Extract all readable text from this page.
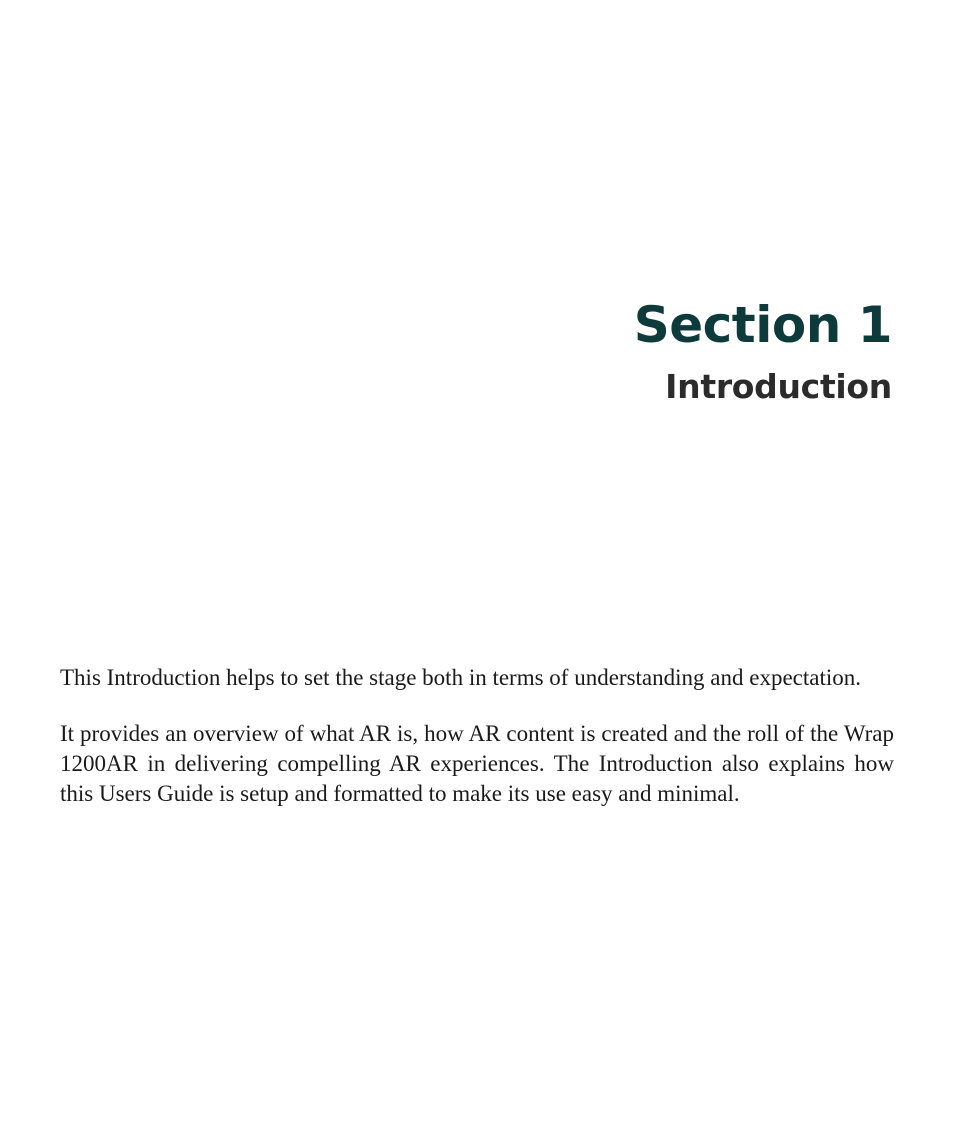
Section 1
Introduction

This Introduction helps to set the stage both in terms of understanding and expectation.

It provides an overview of what AR is, how AR content is created and the roll of the Wrap 1200AR in delivering compelling AR experiences. The Introduction also explains how this Users Guide is setup and formatted to make its use easy and minimal.
